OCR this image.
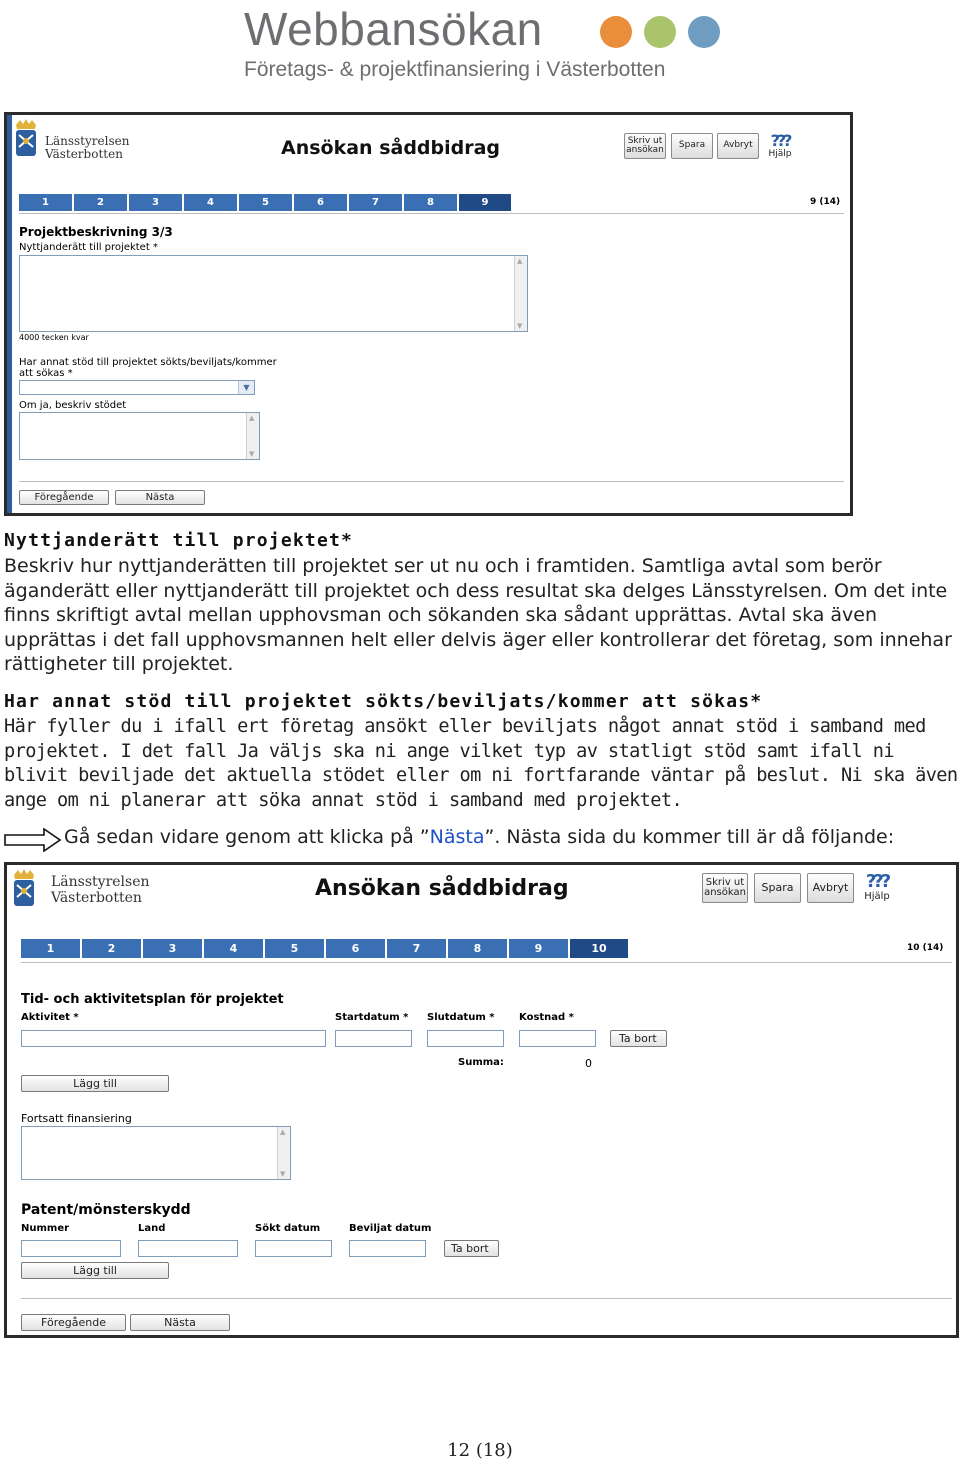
Webbansökan
Företags- & projektfinansiering i Västerbotten
Länsstyrelsen
Västerbotten	Ansökan såddbidrag	Skriv ut
ansökan	Spara	Avbryt	???
Hjälp
1	2	3	4	5	6	7	8	9	9 (14)
Projektbeskrivning 3/3
Nyttjanderätt till projektet *
▲
▼
4000 tecken kvar
Har annat stöd till projektet sökts/beviljats/kommer
att sökas *
▼
Om ja, beskriv stödet
▲
▼
Föregående	Nästa

Nyttjanderätt till projektet*

Beskriv hur nyttjanderätten till projektet ser ut nu och i framtiden. Samtliga avtal som berör äganderätt eller nyttjanderätt till projektet och dess resultat ska delges Länsstyrelsen. Om det inte finns skriftigt avtal mellan upphovsman och sökanden ska sådant upprättas. Avtal ska även upprättas i det fall upphovsmannen helt eller delvis äger eller kontrollerar det företag, som innehar rättigheter till projektet.

Har annat stöd till projektet sökts/beviljats/kommer att sökas*

Här fyller du i ifall ert företag ansökt eller beviljats något annat stöd i samband med projektet. I det fall Ja väljs ska ni ange vilket typ av statligt stöd samt ifall ni blivit beviljade det aktuella stödet eller om ni fortfarande väntar på beslut. Ni ska även ange om ni planerar att söka annat stöd i samband med projektet.

Gå sedan vidare genom att klicka på ”Nästa”. Nästa sida du kommer till är då följande:
Länsstyrelsen
Västerbotten	Ansökan såddbidrag	Skriv ut
ansökan	Spara	Avbryt ???
Hjälp
1	2	3	4	5	6	7	8	9	10	10 (14)
Tid- och aktivitetsplan för projektet
Aktivitet *	Startdatum * Slutdatum * Kostnad *
Ta bort
Summa:	0
Lägg till
Fortsatt finansiering
▲
▼
Patent/mönsterskydd
Nummer	Land	Sökt datum	Beviljat datum
Ta bort
Lägg till
Föregående	Nästa
12 (18)
